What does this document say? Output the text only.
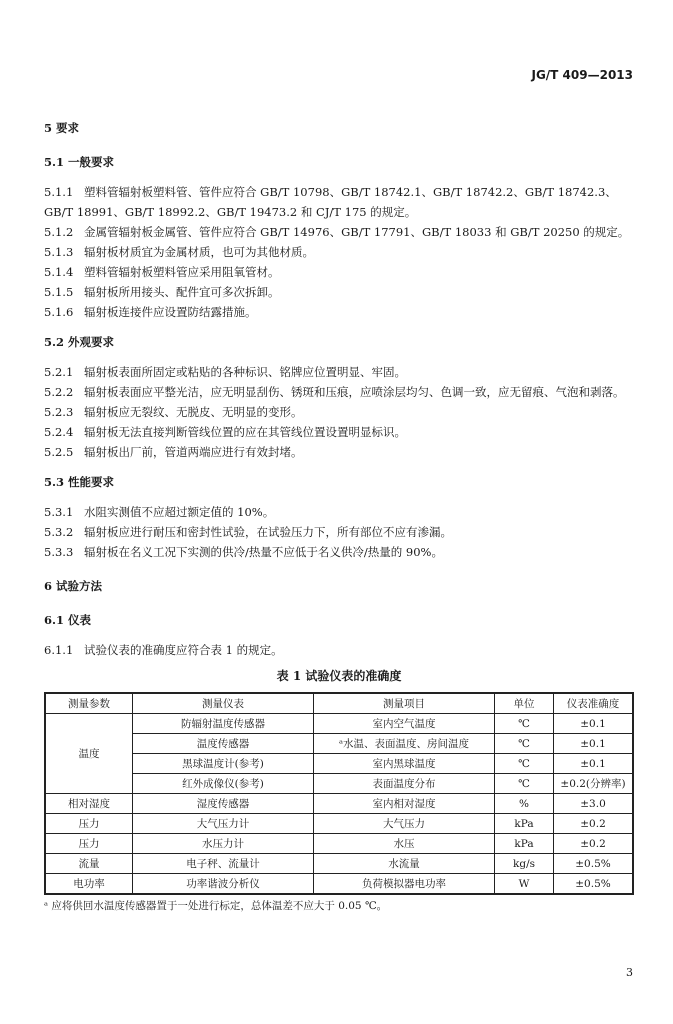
JG/T 409—2013

5 要求

5.1 一般要求

5.1.1 塑料管辐射板塑料管、管件应符合 GB/T 10798、GB/T 18742.1、GB/T 18742.2、GB/T 18742.3、GB/T 18991、GB/T 18992.2、GB/T 19473.2 和 CJ/T 175 的规定。

5.1.2 金属管辐射板金属管、管件应符合 GB/T 14976、GB/T 17791、GB/T 18033 和 GB/T 20250 的规定。

5.1.3 辐射板材质宜为金属材质，也可为其他材质。

5.1.4 塑料管辐射板塑料管应采用阻氧管材。

5.1.5 辐射板所用接头、配件宜可多次拆卸。

5.1.6 辐射板连接件应设置防结露措施。

5.2 外观要求

5.2.1 辐射板表面所固定或粘贴的各种标识、铭牌应位置明显、牢固。

5.2.2 辐射板表面应平整光洁，应无明显刮伤、锈斑和压痕，应喷涂层均匀、色调一致，应无留痕、气泡和剥落。

5.2.3 辐射板应无裂纹、无脱皮、无明显的变形。

5.2.4 辐射板无法直接判断管线位置的应在其管线位置设置明显标识。

5.2.5 辐射板出厂前，管道两端应进行有效封堵。

5.3 性能要求

5.3.1 水阻实测值不应超过额定值的 10%。

5.3.2 辐射板应进行耐压和密封性试验，在试验压力下，所有部位不应有渗漏。

5.3.3 辐射板在名义工况下实测的供冷/热量不应低于名义供冷/热量的 90%。

6 试验方法

6.1 仪表

6.1.1 试验仪表的准确度应符合表 1 的规定。

表 1 试验仪表的准确度

测量参数	测量仪表	测量项目	单位	仪表准确度
温度	防辐射温度传感器	室内空气温度	℃	±0.1
	温度传感器	ᵃ水温、表面温度、房间温度	℃	±0.1
	黑球温度计(参考)	室内黑球温度	℃	±0.1
	红外成像仪(参考)	表面温度分布	℃	±0.2(分辨率)
相对湿度	湿度传感器	室内相对湿度	%	±3.0
压力	大气压力计	大气压力	kPa	±0.2
压力	水压力计	水压	kPa	±0.2
流量	电子秤、流量计	水流量	kg/s	±0.5%
电功率	功率谐波分析仪	负荷模拟器电功率	W	±0.5%
ᵃ 应将供回水温度传感器置于一处进行标定，总体温差不应大于 0.05 ℃。
3
